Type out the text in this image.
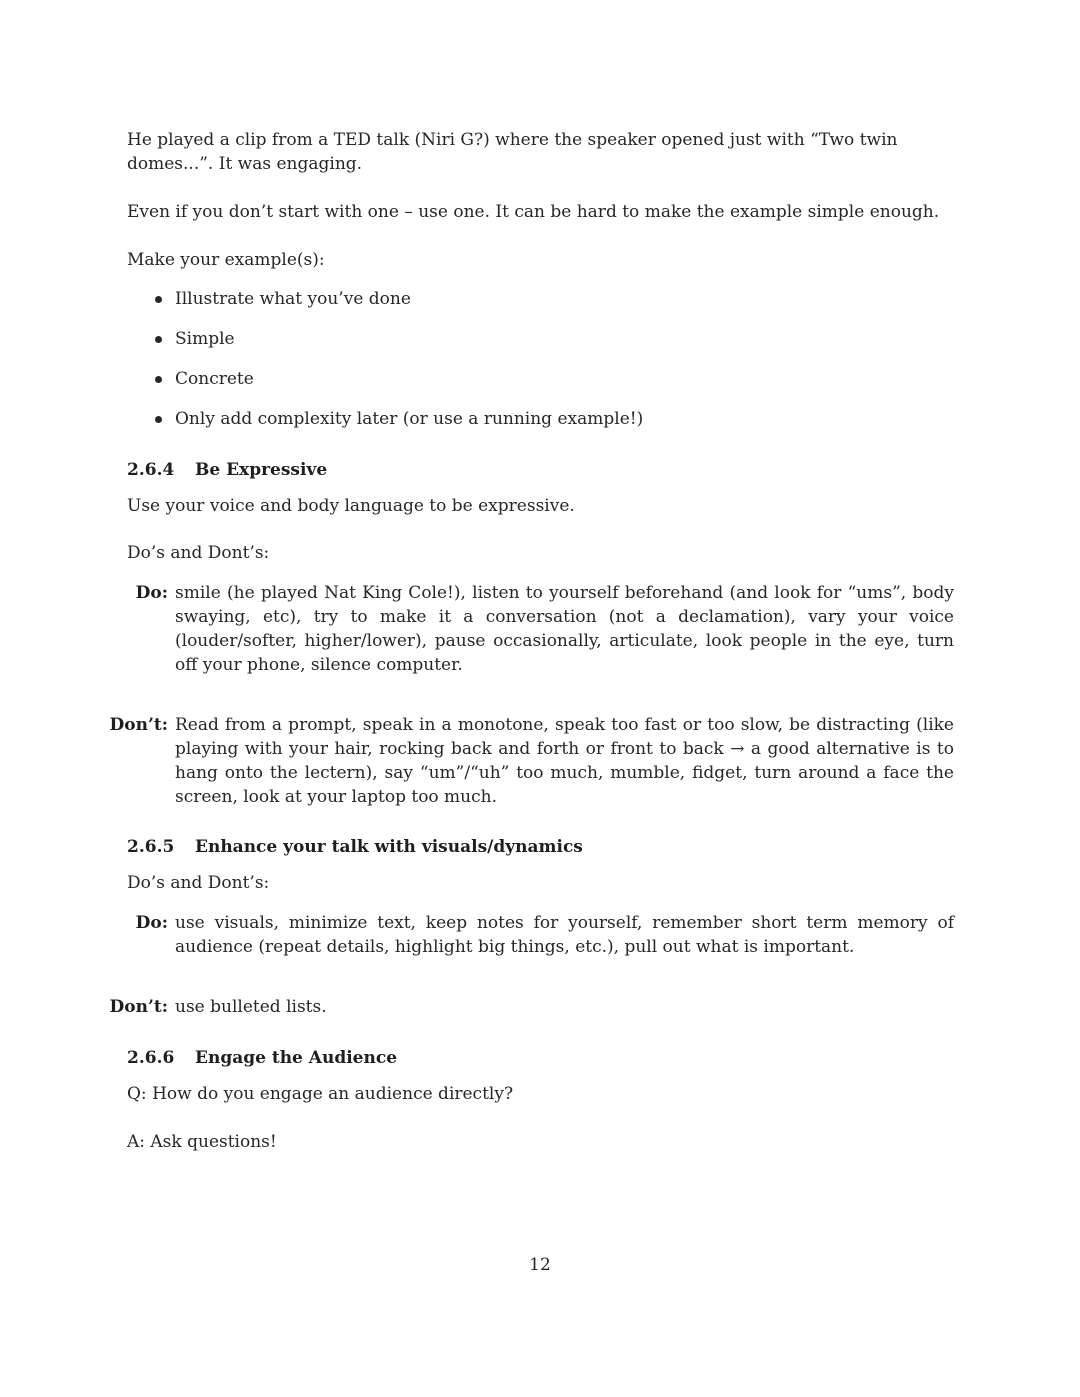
He played a clip from a TED talk (Niri G?) where the speaker opened just with “Two twin domes...”. It was engaging.

Even if you don’t start with one – use one. It can be hard to make the example simple enough.

Make your example(s):

Illustrate what you’ve done
Simple
Concrete
Only add complexity later (or use a running example!)
2.6.4 Be Expressive

Use your voice and body language to be expressive.

Do’s and Dont’s:

Do: smile (he played Nat King Cole!), listen to yourself beforehand (and look for “ums”, body swaying, etc), try to make it a conversation (not a declamation), vary your voice (louder/softer, higher/lower), pause occasionally, articulate, look people in the eye, turn off your phone, silence computer.
Don’t: Read from a prompt, speak in a monotone, speak too fast or too slow, be distracting (like playing with your hair, rocking back and forth or front to back → a good alternative is to hang onto the lectern), say “um”/“uh” too much, mumble, fidget, turn around a face the screen, look at your laptop too much.
2.6.5 Enhance your talk with visuals/dynamics

Do’s and Dont’s:

Do: use visuals, minimize text, keep notes for yourself, remember short term memory of audience (repeat details, highlight big things, etc.), pull out what is important.
Don’t: use bulleted lists.
2.6.6 Engage the Audience

Q: How do you engage an audience directly?

A: Ask questions!

12
